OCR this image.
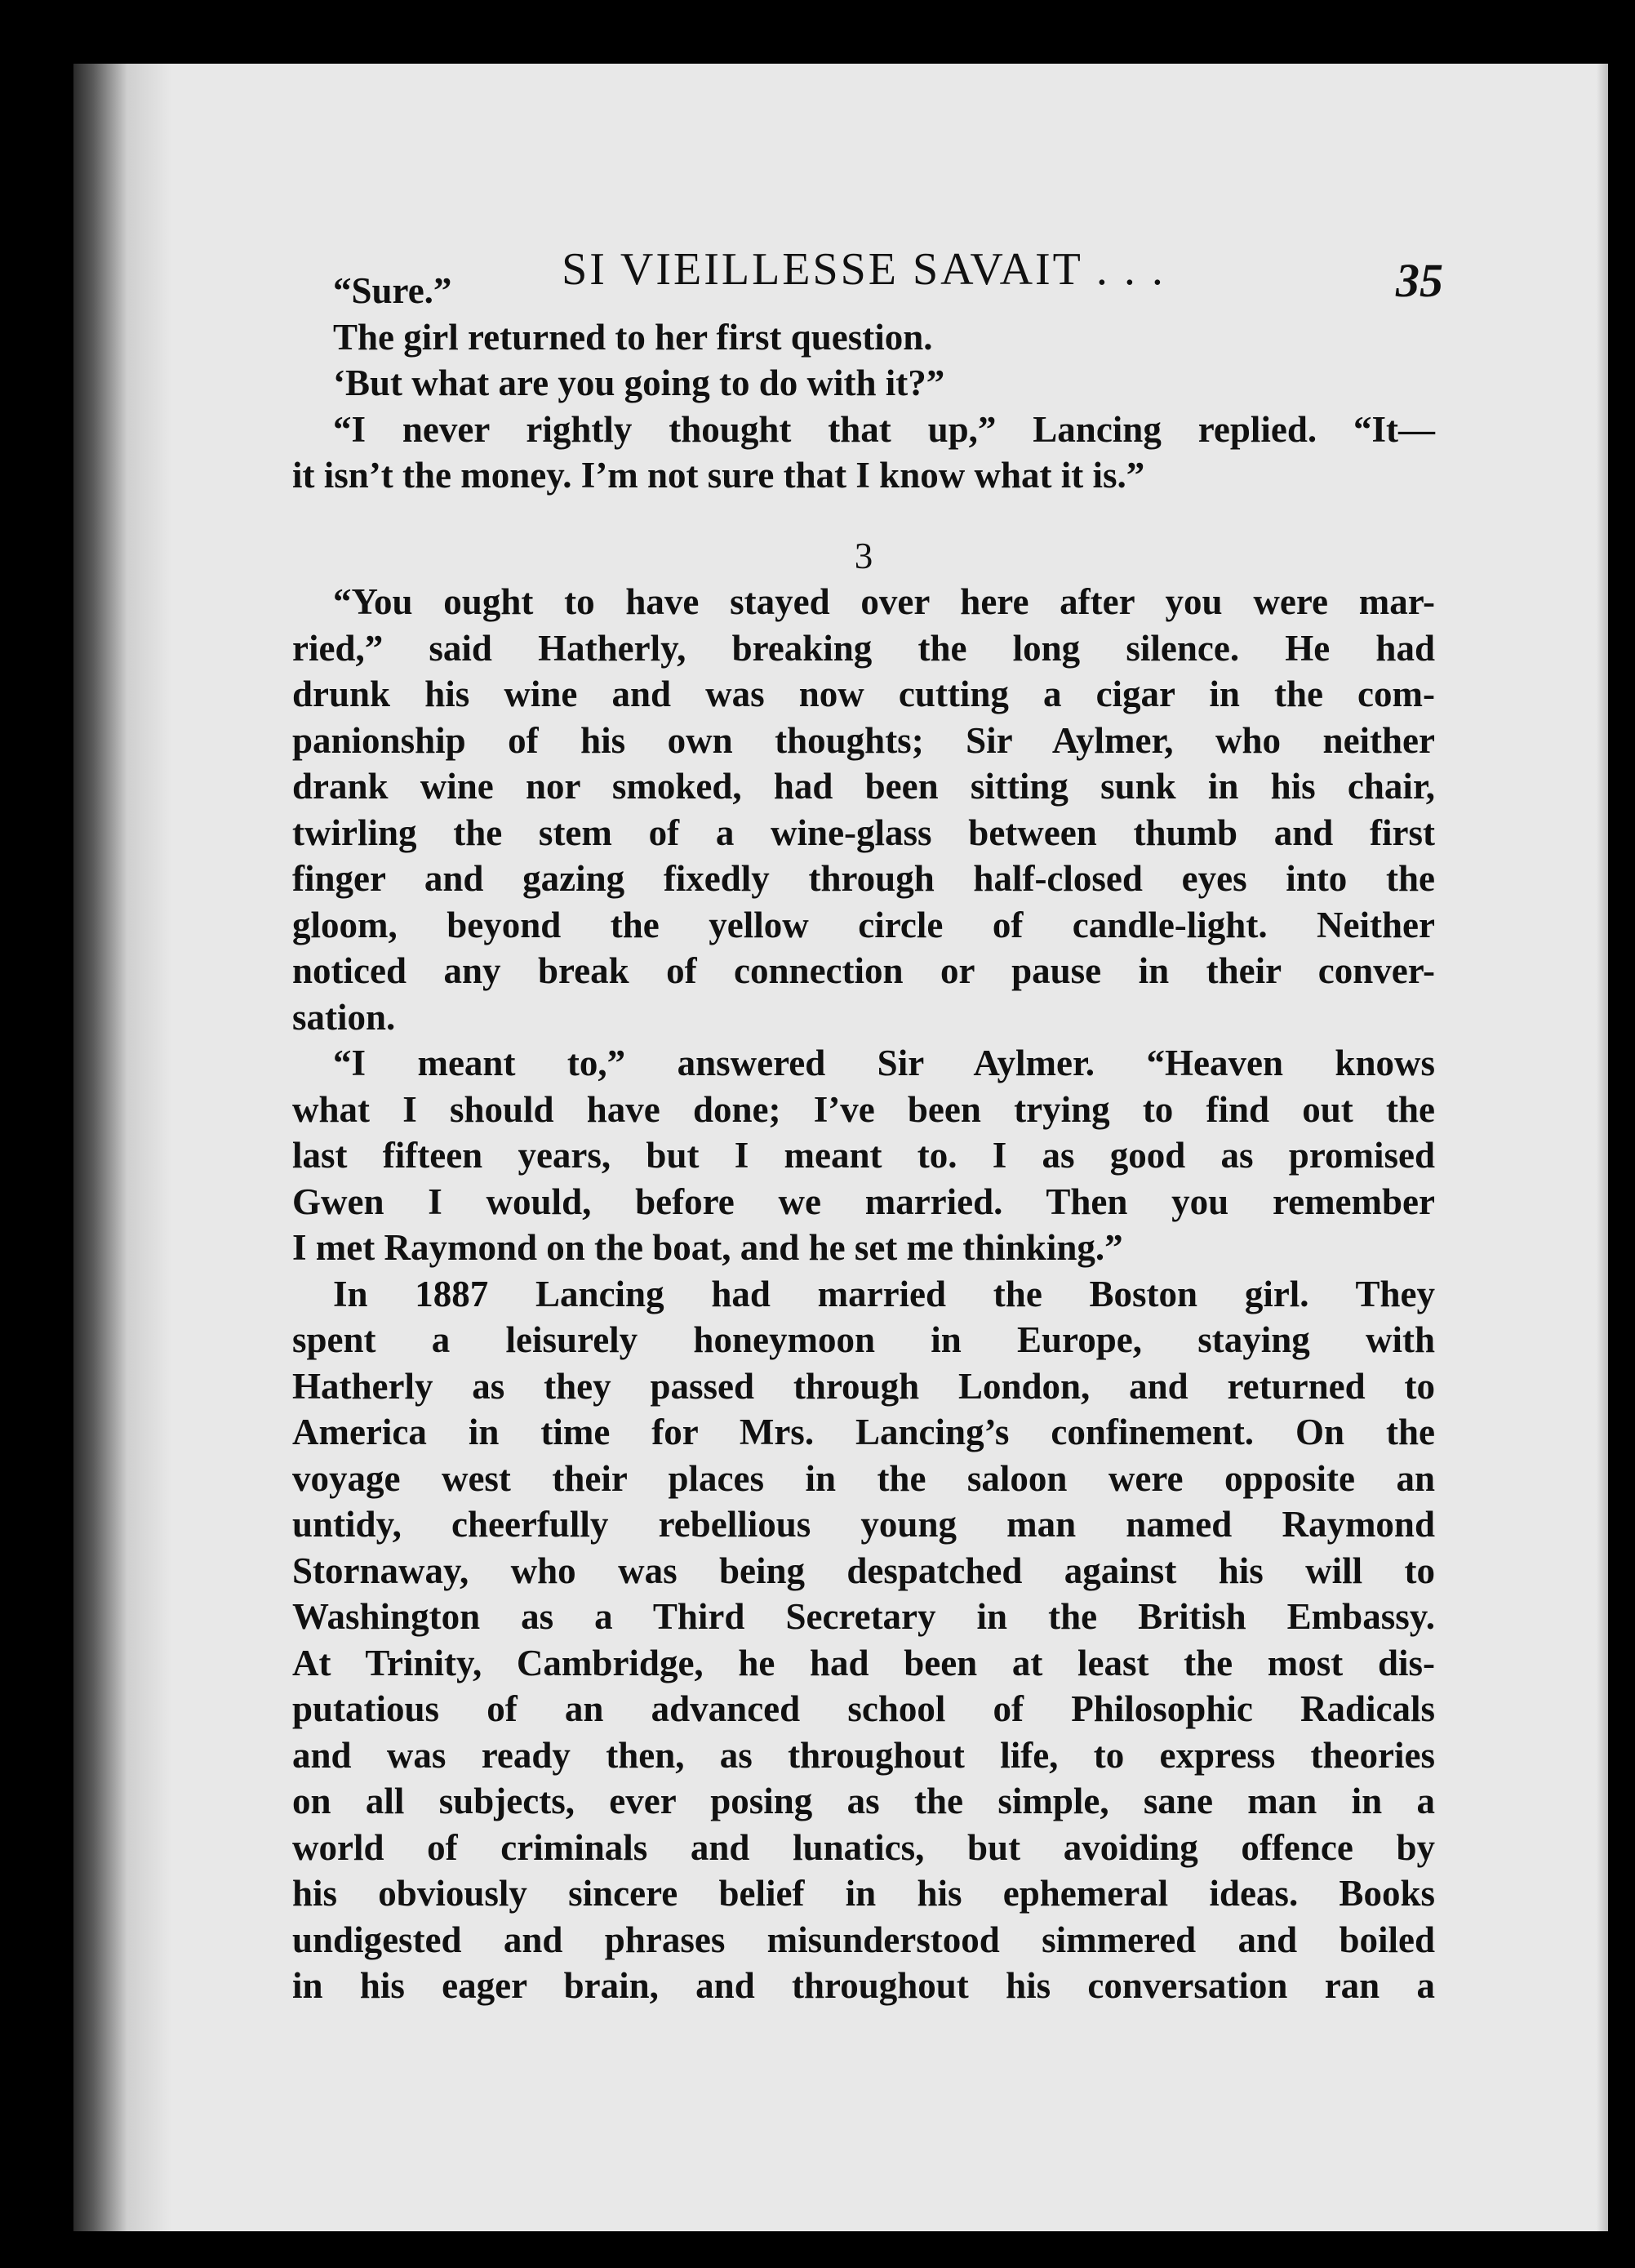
SI VIEILLESSE SAVAIT . . .	35
“Sure.”
The girl returned to her first question.
‘But what are you going to do with it?”
“I never rightly thought that up,” Lancing replied. “It—
it isn’t the money. I’m not sure that I know what it is.”
3
“You ought to have stayed over here after you were mar-
ried,” said Hatherly, breaking the long silence. He had
drunk his wine and was now cutting a cigar in the com-
panionship of his own thoughts; Sir Aylmer, who neither
drank wine nor smoked, had been sitting sunk in his chair,
twirling the stem of a wine-glass between thumb and first
finger and gazing fixedly through half-closed eyes into the
gloom, beyond the yellow circle of candle-light. Neither
noticed any break of connection or pause in their conver-
sation.
“I meant to,” answered Sir Aylmer. “Heaven knows
what I should have done; I’ve been trying to find out the
last fifteen years, but I meant to. I as good as promised
Gwen I would, before we married. Then you remember
I met Raymond on the boat, and he set me thinking.”
In 1887 Lancing had married the Boston girl. They
spent a leisurely honeymoon in Europe, staying with
Hatherly as they passed through London, and returned to
America in time for Mrs. Lancing’s confinement. On the
voyage west their places in the saloon were opposite an
untidy, cheerfully rebellious young man named Raymond
Stornaway, who was being despatched against his will to
Washington as a Third Secretary in the British Embassy.
At Trinity, Cambridge, he had been at least the most dis-
putatious of an advanced school of Philosophic Radicals
and was ready then, as throughout life, to express theories
on all subjects, ever posing as the simple, sane man in a
world of criminals and lunatics, but avoiding offence by
his obviously sincere belief in his ephemeral ideas. Books
undigested and phrases misunderstood simmered and boiled
in his eager brain, and throughout his conversation ran a
